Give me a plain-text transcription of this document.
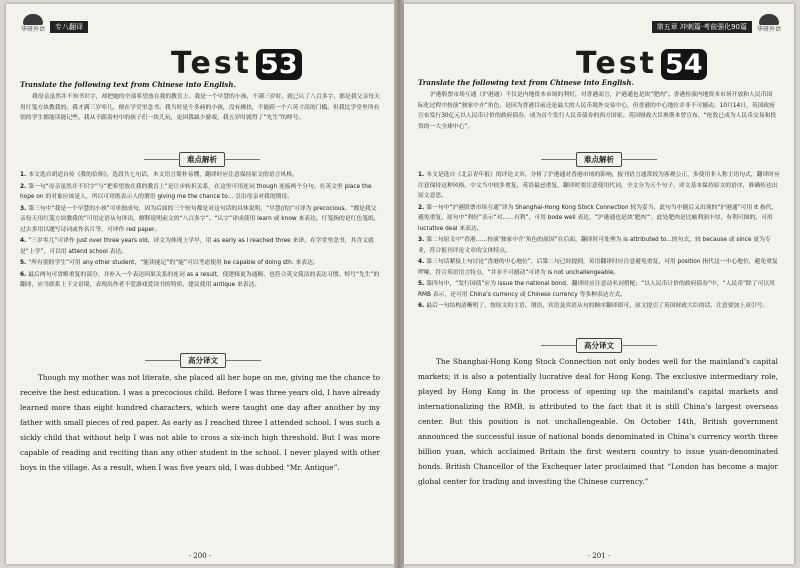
华研外语	专八翻译
Test 53
Translate the following text from Chinese into English.

我母亲虽然并不知书识字，却把她的全部希望放在我的教育上。我是一个早慧的小孩，不满三岁时，就已认了八百多字，都是我父亲每天用红笺方块教我的。我才满三岁零几，便在学堂里念书。我当时是个多病的小孩，没有拂扶，不能跨一个六英寸高的门槛。但我比学堂里所有别的学生都能读能记些。我从不跟着村中的孩子们一块儿玩，更因我缺少游戏，我五岁时就得了“先生”的绰号。

难点解析
1. 本文选自胡适自传《我的信仰》，选段共七句话，本文语言简朴易懂，翻译时应注意保持原文的语言风格。
2. 第一句“母亲虽然并不识字”与“把希望放在我的教育上”是让步转折关系，在这里可用连词 though 连接两个分句。在英文里 place the hope on 的对象应该是人，所以可用既表示人的谓语 giving me the chance to... 引出母亲对我的期待。
3. 第三句中“我是一个早慧的小孩”可单独成句，因为后面的三个短句都是对这句话的具体说明，“早慧(的)”可译为 precocious。“都是我父亲每天用红笺方块教我的”可用定语从句译出，解释说明前文的“八百多字”。“认字”译成使用 learn 或 know 来表达。红笺指的是红色笺纸，过去多用以题写诗词或作名片等，可译作 red paper。
4. “三岁零几”可译作 just over three years old，译文为体现上学早，用 as early as I reached three 来译，在学堂里念书，其含义就是“上学”，可以用 attend school 表达。
5. “所有别的学生”可用 any other student，“能读能记”的“能”可以考虑使用 be capable of doing sth. 来表达。
6. 最后两句可省略重复的部分，并补入一个表达因果关系的连词 as a result，使逻辑更为通顺，也符合英文简洁的表达习惯。绰号“先生”的翻译，应当联系上下文语境，表现出作者不爱游戏爱读书的特质，建议使用 antique 来表达。
高分译文

Though my mother was not literate, she placed all her hope on me, giving me the chance to receive the best education. I was a precocious child. Before I was three years old, I have already learned more than eight hundred characters, which were taught one day after another by my father with small pieces of red paper. As early as I reached three I attended school. I was such a sickly child that without help I was not able to cross a six-inch high threshold. But I was more capable of reading and reciting than any other student in the school. I never played with other boys in the village. As a result, when I was five years old, I was dubbed “Mr. Antique”.

· 200 ·
华研外语
第五章 冲刺篇·考前强化90篇
Test 54
Translate the following text from Chinese into English.

沪港股票市场互通（沪港通）不仅是内地资本市场的利好，对香港而言，沪港通也是块“肥肉”。香港扮演内地资本市场开放和人民币国际化过程中扮演“独家中介”角色，是因为香港目前还是最大的人民币境外交易中心，但香港的中心地位并非不可撼动。10月14日，英国政府宣布发行30亿元以人民币计价的政府债券，成为首个发行人民币债券的西方国家。英国财政大臣奥斯本曾宣布，“伦敦已成为人民币交易和投资的一大全球中心”。

难点解析
1. 本文是选自《北京青年报》的评论文章，分析了沪港通对香港市场的影响，报刊语言通常较为客观公正，多使用非人称主语句式，翻译时应注意保持这种风格。中文当中较多重复，英语最忌重复，翻译时要注意使用代词，全文分为五个句子，译文基本保持原文的语序，准确传达出原文意思。
2. 第一句中“沪港股票市场互通”译为 Shanghai-Hong Kong Stock Connection 较为妥当，此句当中随后又出现的“沪港通”可用 it 指代，避免重复，原句中“利好”表示“对……有利”，可用 bode well 表达，“沪港通也是块‘肥肉’”，此处肥肉是比喻利润丰厚，有利可图的，可用 lucrative deal 来表达。
3. 第二句原文中“香港……扮演‘独家中介’角色的原因”在后面，翻译时可处理为 is attributed to...的句式，较 because 或 since 更为专业，符合报刊评论文章的文体特点。
4. 第三句话紧接上句讨论“香港的中心地位”，后第二句已经提到，英语翻译时应注意避免重复，可用 position 指代这一中心地位，避免重复啰嗦，符合英语语言特点，“并非不可撼动”可译为 is not unchallengeable。
5. 第四句中，“发行国债”应为 issue the national bond，翻译时应注意动名词搭配；“以人民币计价的政府债券”中，“人民币”除了可以用 RMB 表示，还可用 China’s currency 或 Chinese currency 等多种表达方式。
6. 最后一句结构清晰明了，按原文的主语、谓语、宾语及宾语从句的顺序翻译即可，原文提引了英国财政大臣的话，注意要加上双引号。
高分译文

The Shanghai-Hong Kong Stock Connection not only bodes well for the mainland’s capital markets; it is also a potentially lucrative deal for Hong Kong. The exclusive intermediary role, played by Hong Kong in the process of opening up the mainland’s capital markets and internationalizing the RMB, is attributed to the fact that it is still China’s largest overseas center. But this position is not unchallengeable. On October 14th, British government announced the successful issue of national bonds denominated in China’s currency worth three billion yuan, which acclaimed Britain the first western country to issue yuan-denominated bonds. British Chancellor of the Exchequer later proclaimed that “London has become a major global center for trading and investing the Chinese currency.”

· 201 ·
